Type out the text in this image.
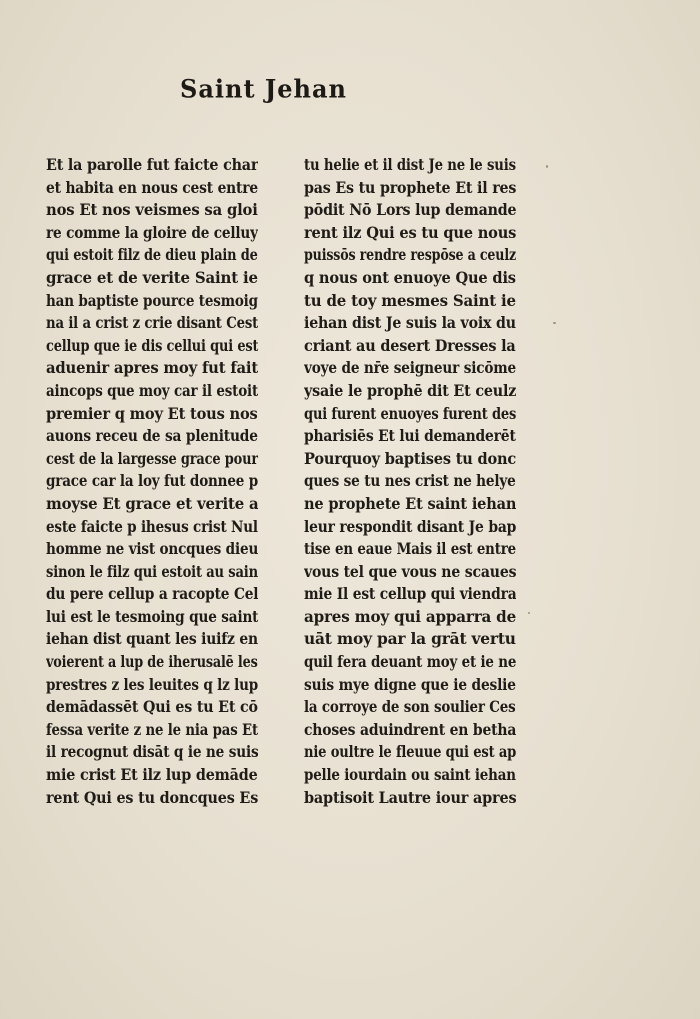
Saint Jehan
Et la parolle fut faicte char
et habita en nous cest entre
nos Et nos veismes sa gloi
re comme la gloire de celluy
qui estoit filz de dieu plain de
grace et de verite Saint ie
han baptiste pource tesmoig
na il a crist z crie disant Cest
cellup que ie dis cellui qui est
aduenir apres moy fut fait
aincops que moy car il estoit
premier q moy Et tous nos
auons receu de sa plenitude
cest de la largesse grace pour
grace car la loy fut donnee p
moyse Et grace et verite a
este faicte p ihesus crist Nul
homme ne vist oncques dieu
sinon le filz qui estoit au sain
du pere cellup a racopte Cel
lui est le tesmoing que saint
iehan dist quant les iuifz en
voierent a lup de iherusalē les
prestres z les leuites q lz lup
demādassēt Qui es tu Et cō
fessa verite z ne le nia pas Et
il recognut disāt q ie ne suis
mie crist Et ilz lup demāde
rent Qui es tu doncques Es
tu helie et il dist Je ne le suis
pas Es tu prophete Et il res
pōdit Nō Lors lup demande
rent ilz Qui es tu que nous
puissōs rendre respōse a ceulz
q nous ont enuoye Que dis
tu de toy mesmes Saint ie
iehan dist Je suis la voix du
criant au desert Dresses la
voye de nr̄e seigneur sicōme
ysaie le prophē dit Et ceulz
qui furent enuoyes furent des
pharisiēs Et lui demanderēt
Pourquoy baptises tu donc
ques se tu nes crist ne helye
ne prophete Et saint iehan
leur respondit disant Je bap
tise en eaue Mais il est entre
vous tel que vous ne scaues
mie Il est cellup qui viendra
apres moy qui apparra de
uāt moy par la grāt vertu
quil fera deuant moy et ie ne
suis mye digne que ie deslie
la corroye de son soulier Ces
choses aduindrent en betha
nie oultre le fleuue qui est ap
pelle iourdain ou saint iehan
baptisoit Lautre iour apres
